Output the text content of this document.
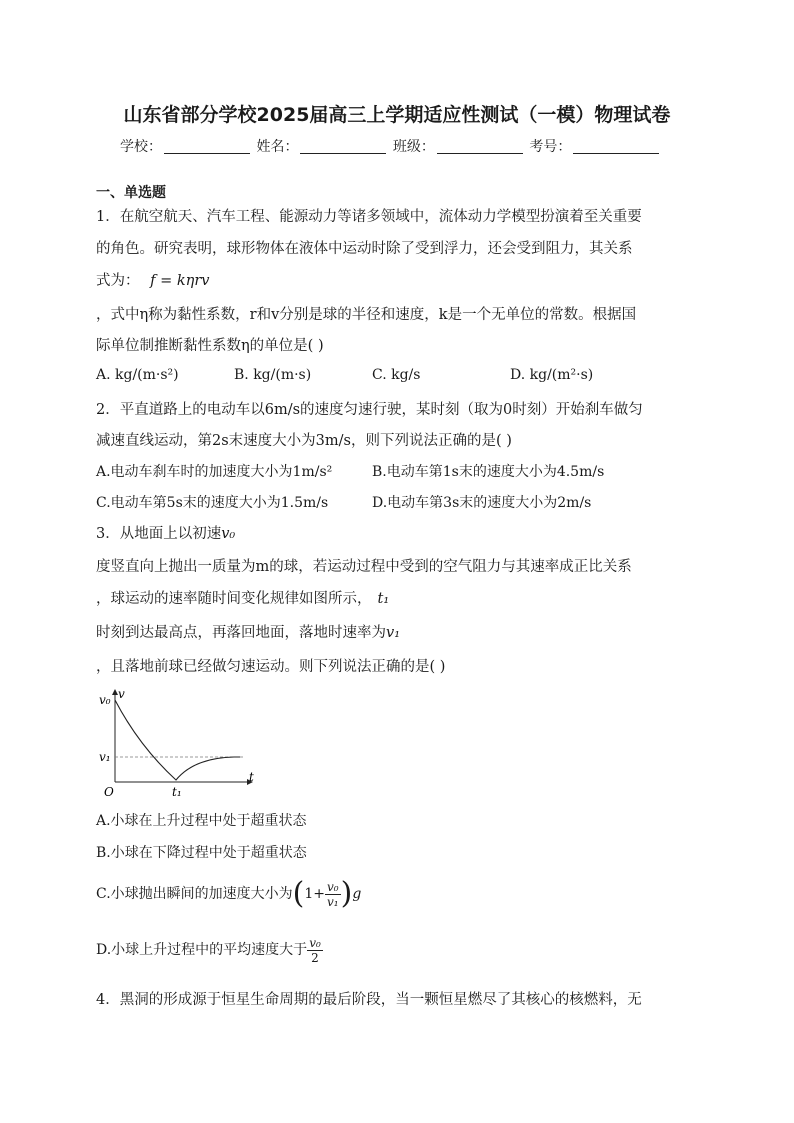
山东省部分学校2025届高三上学期适应性测试（一模）物理试卷
学校：	姓名：	班级：	考号：
一、单选题
1．在航空航天、汽车工程、能源动力等诸多领域中，流体动力学模型扮演着至关重要
的角色。研究表明，球形物体在液体中运动时除了受到浮力，还会受到阻力，其关系
式为： f = kηrv
，式中η称为黏性系数，r和v分别是球的半径和速度，k是一个无单位的常数。根据国
际单位制推断黏性系数η的单位是( )
A. kg/(m·s²)	B. kg/(m·s)	C. kg/s	D. kg/(m²·s)
2．平直道路上的电动车以6m/s的速度匀速行驶，某时刻（取为0时刻）开始刹车做匀
减速直线运动，第2s末速度大小为3m/s，则下列说法正确的是( )
A.电动车刹车时的加速度大小为1m/s²	B.电动车第1s末的速度大小为4.5m/s
C.电动车第5s末的速度大小为1.5m/s	D.电动车第3s末的速度大小为2m/s
3．从地面上以初速v₀
度竖直向上抛出一质量为m的球，若运动过程中受到的空气阻力与其速率成正比关系
，球运动的速率随时间变化规律如图所示， t₁
时刻到达最高点，再落回地面，落地时速率为v₁
，且落地前球已经做匀速运动。则下列说法正确的是( )
v₀ v
v₁
t
O	t₁
A.小球在上升过程中处于超重状态
B.小球在下降过程中处于超重状态
C.小球抛出瞬间的加速度大小为$(1+ \frac{\text{v₀}}{\text{v₁}} )g$
D.小球上升过程中的平均速度大于 $\frac{\text{v₀}}{2}$
4．黑洞的形成源于恒星生命周期的最后阶段，当一颗恒星燃尽了其核心的核燃料，无
